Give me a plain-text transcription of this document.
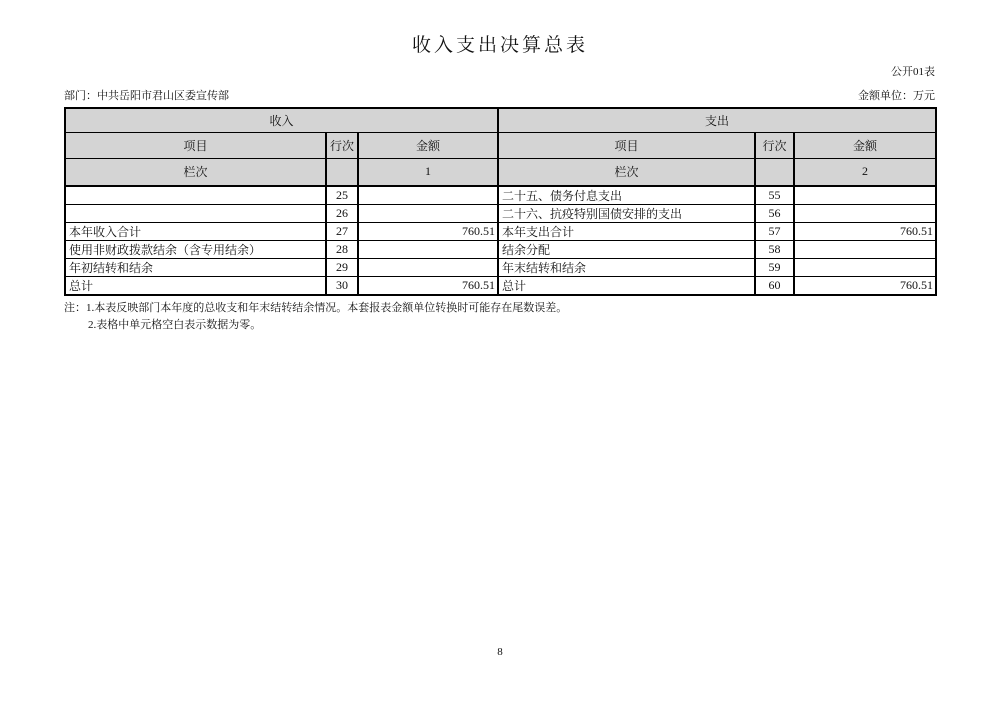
收入支出决算总表
公开01表
部门：中共岳阳市君山区委宣传部	金额单位：万元
收入			支出		
项目	行次	金额	项目	行次	金额
栏次		1	栏次		2
	25		二十五、债务付息支出	55	
	26		二十六、抗疫特别国债安排的支出	56	
本年收入合计	27	760.51	本年支出合计	57	760.51
使用非财政拨款结余（含专用结余）	28		结余分配	58	
年初结转和结余	29		年末结转和结余	59	
总计	30	760.51	总计	60	760.51
注：1.本表反映部门本年度的总收支和年末结转结余情况。本套报表金额单位转换时可能存在尾数误差。
2.表格中单元格空白表示数据为零。
8
